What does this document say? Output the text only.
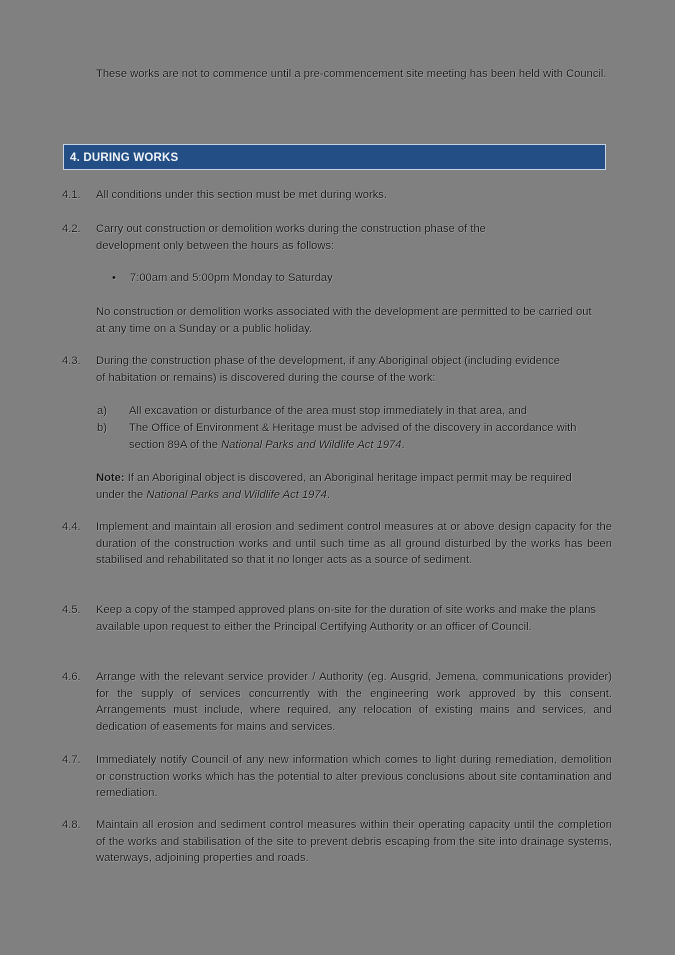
These works are not to commence until a pre-commencement site meeting has been held with Council.
4. DURING WORKS
4.1.	All conditions under this section must be met during works.
4.2.	Carry out construction or demolition works during the construction phase of the development only between the hours as follows:
• 7:00am and 5:00pm Monday to Saturday
No construction or demolition works associated with the development are permitted to be carried out at any time on a Sunday or a public holiday.
4.3.	During the construction phase of the development, if any Aboriginal object (including evidence of habitation or remains) is discovered during the course of the work:
a)	All excavation or disturbance of the area must stop immediately in that area, and
b)	The Office of Environment & Heritage must be advised of the discovery in accordance with section 89A of the National Parks and Wildlife Act 1974.
Note: If an Aboriginal object is discovered, an Aboriginal heritage impact permit may be required under the National Parks and Wildlife Act 1974.
4.4.	Implement and maintain all erosion and sediment control measures at or above design capacity for the duration of the construction works and until such time as all ground disturbed by the works has been stabilised and rehabilitated so that it no longer acts as a source of sediment.
4.5.	Keep a copy of the stamped approved plans on-site for the duration of site works and make the plans available upon request to either the Principal Certifying Authority or an officer of Council.
4.6.	Arrange with the relevant service provider / Authority (eg. Ausgrid, Jemena, communications provider) for the supply of services concurrently with the engineering work approved by this consent. Arrangements must include, where required, any relocation of existing mains and services, and dedication of easements for mains and services.
4.7.	Immediately notify Council of any new information which comes to light during remediation, demolition or construction works which has the potential to alter previous conclusions about site contamination and remediation.
4.8.	Maintain all erosion and sediment control measures within their operating capacity until the completion of the works and stabilisation of the site to prevent debris escaping from the site into drainage systems, waterways, adjoining properties and roads.
